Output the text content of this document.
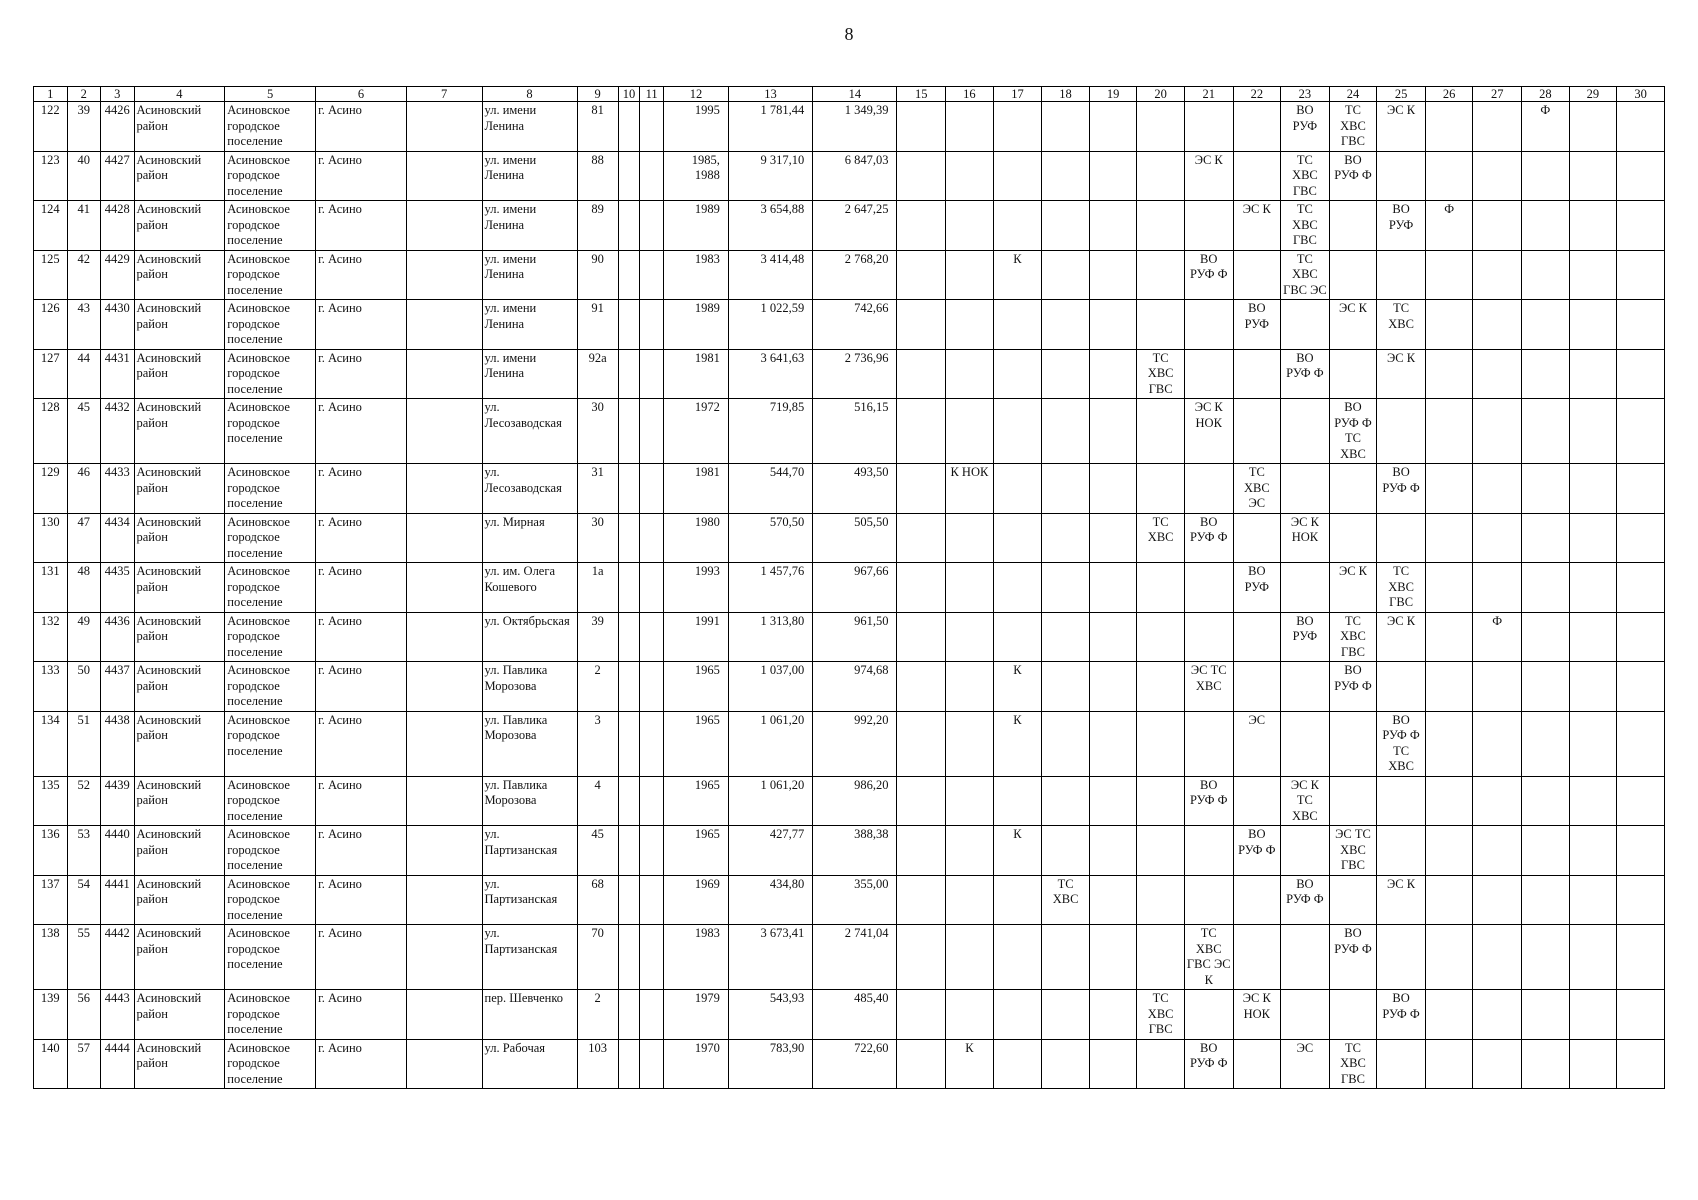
8
1	2	3	4	5	6	7	8	9	10	11	12	13	14	15	16	17	18	19	20	21	22	23	24	25	26	27	28	29	30
122	39	4426	Асиновский район	Асиновское городское поселение	г. Асино		ул. имени Ленина	81			1995	1 781,44	1 349,39									ВО РУФ	ТС ХВС ГВС	ЭС К			Ф		
123	40	4427	Асиновский район	Асиновское городское поселение	г. Асино		ул. имени Ленина	88			1985, 1988	9 317,10	6 847,03							ЭС К		ТС ХВС ГВС	ВО РУФ Ф						
124	41	4428	Асиновский район	Асиновское городское поселение	г. Асино		ул. имени Ленина	89			1989	3 654,88	2 647,25								ЭС К	ТС ХВС ГВС		ВО РУФ	Ф				
125	42	4429	Асиновский район	Асиновское городское поселение	г. Асино		ул. имени Ленина	90			1983	3 414,48	2 768,20			К				ВО РУФ Ф		ТС ХВС ГВС ЭС							
126	43	4430	Асиновский район	Асиновское городское поселение	г. Асино		ул. имени Ленина	91			1989	1 022,59	742,66								ВО РУФ		ЭС К	ТС ХВС					
127	44	4431	Асиновский район	Асиновское городское поселение	г. Асино		ул. имени Ленина	92а			1981	3 641,63	2 736,96						ТС ХВС ГВС			ВО РУФ Ф		ЭС К					
128	45	4432	Асиновский район	Асиновское городское поселение	г. Асино		ул. Лесозаводская	30			1972	719,85	516,15							ЭС К НОК			ВО РУФ Ф ТС ХВС						
129	46	4433	Асиновский район	Асиновское городское поселение	г. Асино		ул. Лесозаводская	31			1981	544,70	493,50		К НОК						ТС ХВС ЭС			ВО РУФ Ф					
130	47	4434	Асиновский район	Асиновское городское поселение	г. Асино		ул. Мирная	30			1980	570,50	505,50						ТС ХВС	ВО РУФ Ф		ЭС К НОК							
131	48	4435	Асиновский район	Асиновское городское поселение	г. Асино		ул. им. Олега Кошевого	1а			1993	1 457,76	967,66								ВО РУФ		ЭС К	ТС ХВС ГВС					
132	49	4436	Асиновский район	Асиновское городское поселение	г. Асино		ул. Октябрьская	39			1991	1 313,80	961,50									ВО РУФ	ТС ХВС ГВС	ЭС К		Ф			
133	50	4437	Асиновский район	Асиновское городское поселение	г. Асино		ул. Павлика Морозова	2			1965	1 037,00	974,68			К				ЭС ТС ХВС			ВО РУФ Ф						
134	51	4438	Асиновский район	Асиновское городское поселение	г. Асино		ул. Павлика Морозова	3			1965	1 061,20	992,20			К					ЭС			ВО РУФ Ф ТС ХВС					
135	52	4439	Асиновский район	Асиновское городское поселение	г. Асино		ул. Павлика Морозова	4			1965	1 061,20	986,20							ВО РУФ Ф		ЭС К ТС ХВС							
136	53	4440	Асиновский район	Асиновское городское поселение	г. Асино		ул. Партизанская	45			1965	427,77	388,38			К					ВО РУФ Ф		ЭС ТС ХВС ГВС						
137	54	4441	Асиновский район	Асиновское городское поселение	г. Асино		ул. Партизанская	68			1969	434,80	355,00				ТС ХВС					ВО РУФ Ф		ЭС К					
138	55	4442	Асиновский район	Асиновское городское поселение	г. Асино		ул. Партизанская	70			1983	3 673,41	2 741,04							ТС ХВС ГВС ЭС К			ВО РУФ Ф						
139	56	4443	Асиновский район	Асиновское городское поселение	г. Асино		пер. Шевченко	2			1979	543,93	485,40						ТС ХВС ГВС		ЭС К НОК			ВО РУФ Ф					
140	57	4444	Асиновский район	Асиновское городское поселение	г. Асино		ул. Рабочая	103			1970	783,90	722,60		К					ВО РУФ Ф		ЭС	ТС ХВС ГВС						
